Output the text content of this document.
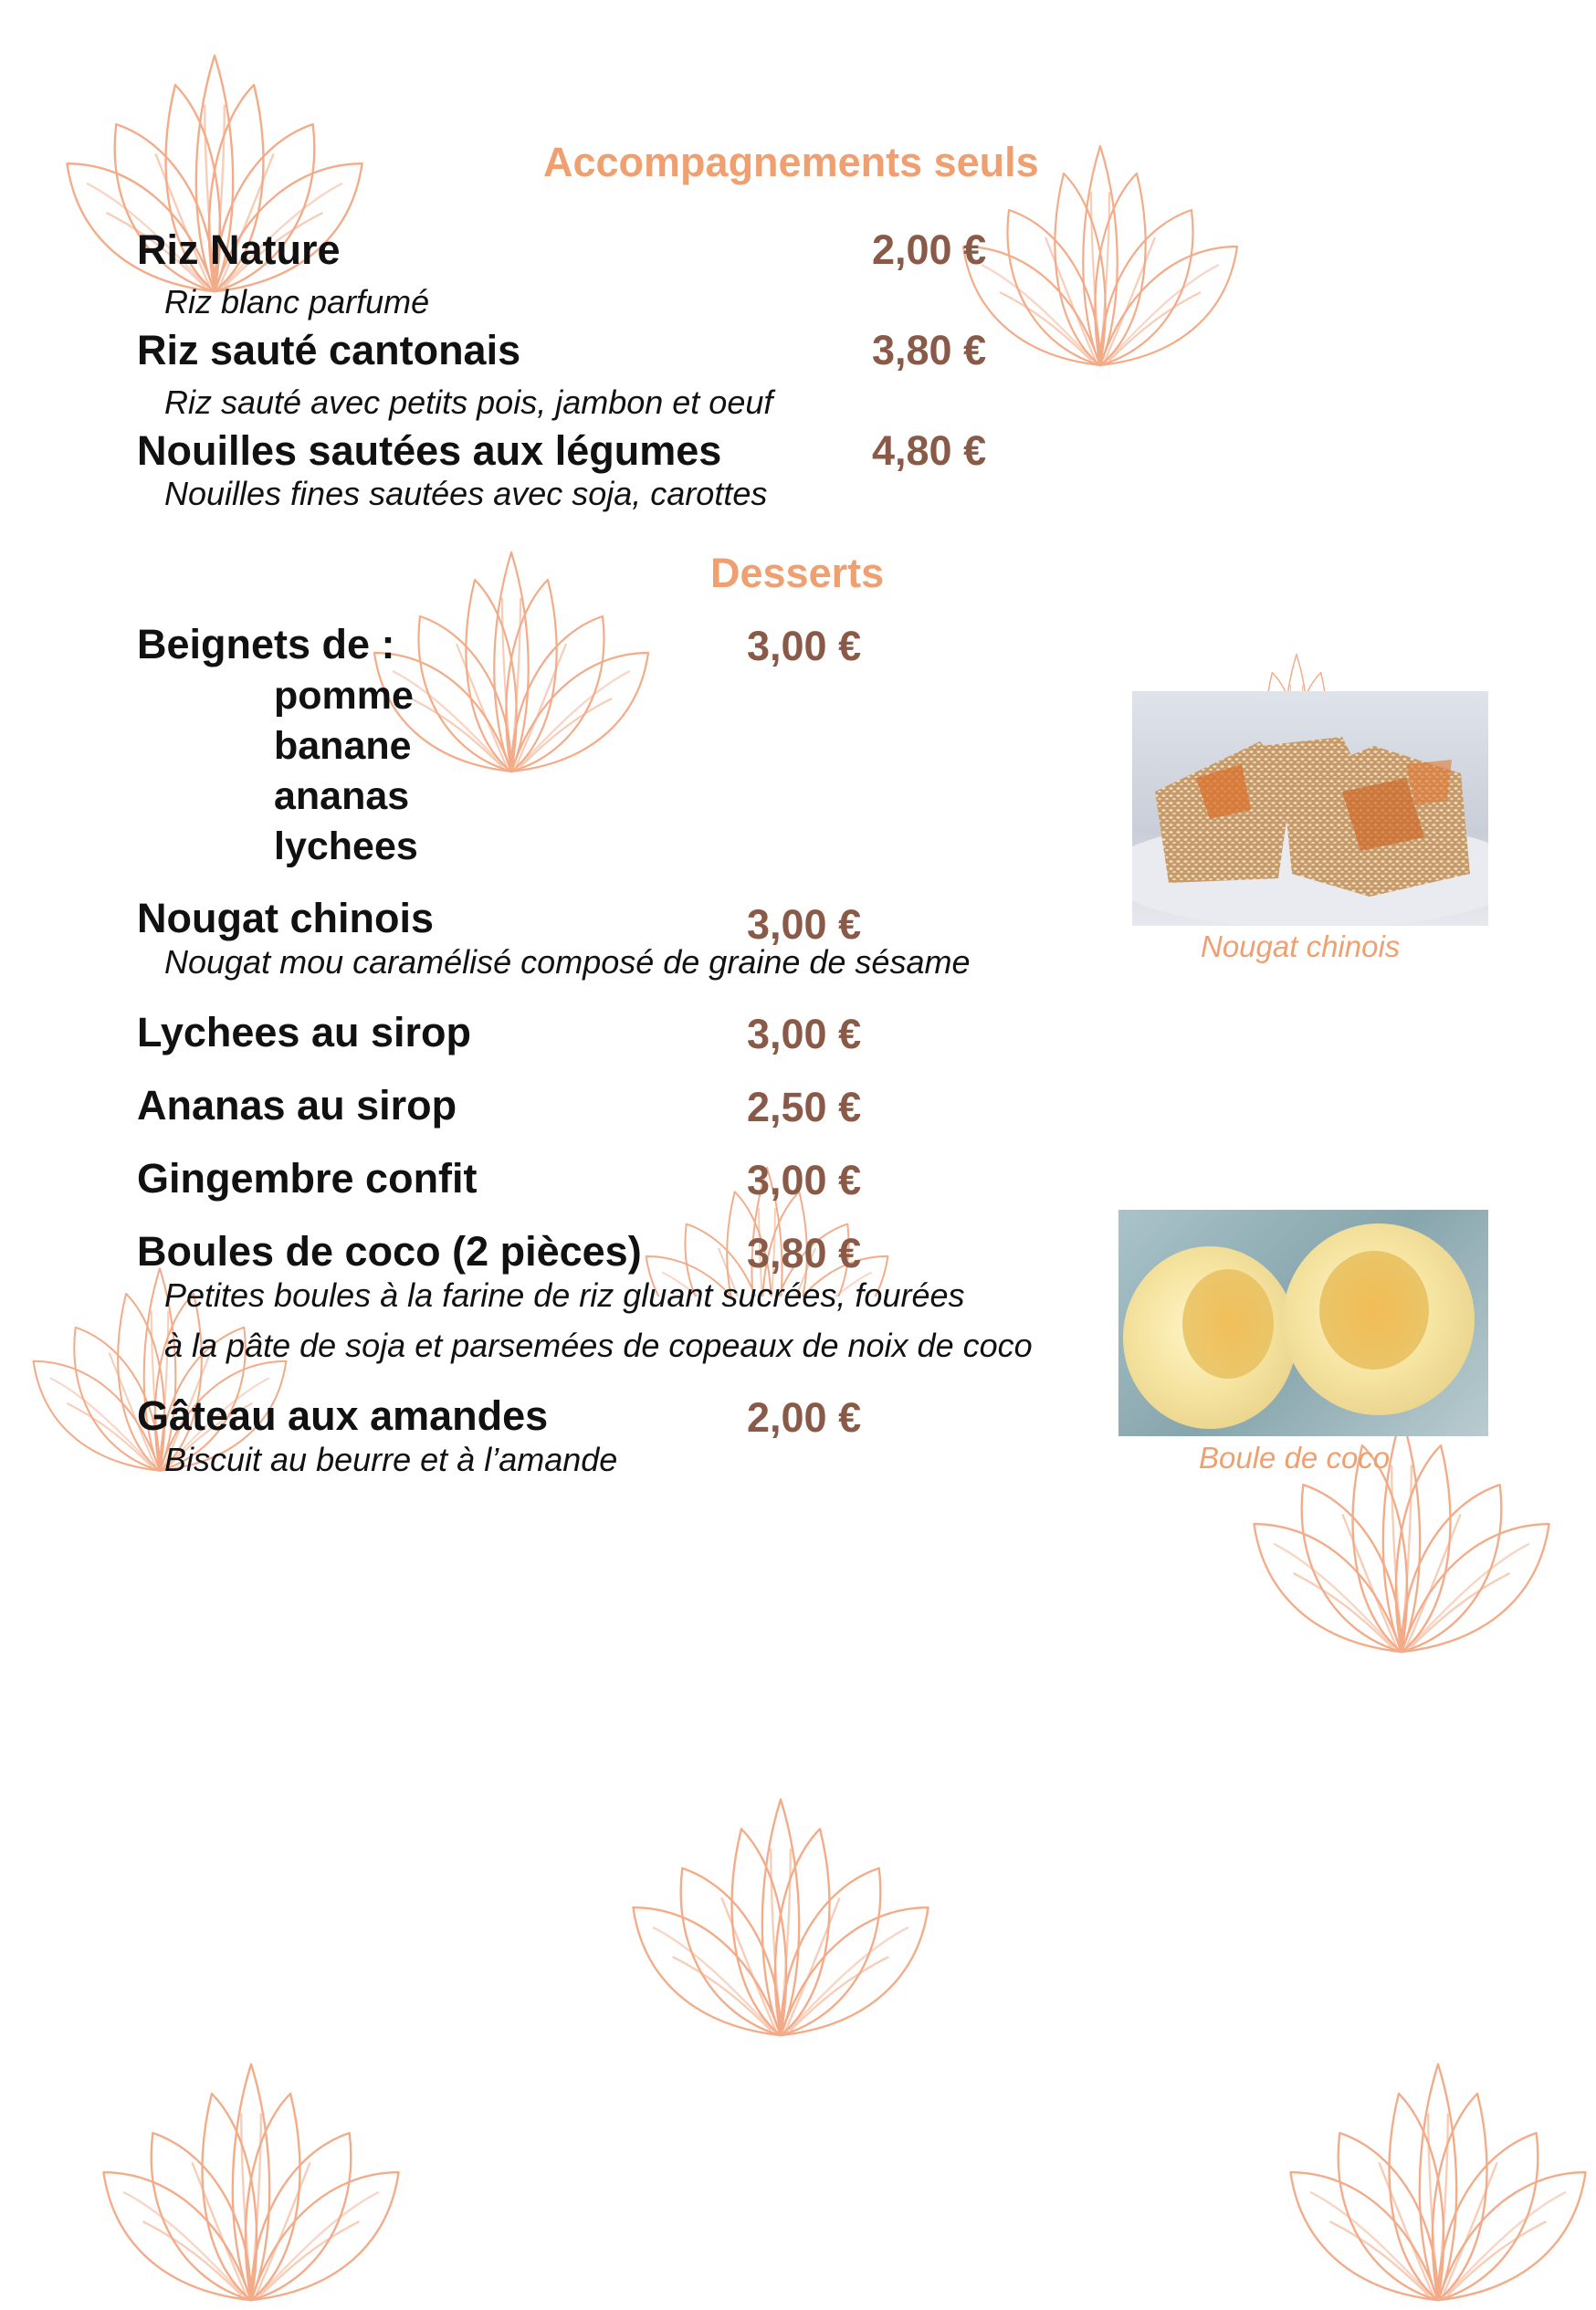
Accompagnements seuls
Riz Nature	2,00 €
Riz blanc parfumé
Riz sauté cantonais	3,80 €
Riz sauté avec petits pois, jambon et oeuf
Nouilles sautées aux légumes	4,80 €
Nouilles fines sautées avec soja, carottes
Desserts
Beignets de :	3,00 €
pomme
banane
ananas
lychees
Nougat chinois	3,00 €
Nougat mou caramélisé composé de graine de sésame
Lychees au sirop	3,00 €
Ananas au sirop	2,50 €
Gingembre confit	3,00 €
Boules de coco (2 pièces)	3,80 €
Petites boules à la farine de riz gluant sucrées, fourées
à la pâte de soja et parsemées de copeaux de noix de coco
Gâteau aux amandes	2,00 €
Biscuit au beurre et à l’amande
Nougat chinois
Boule de coco
